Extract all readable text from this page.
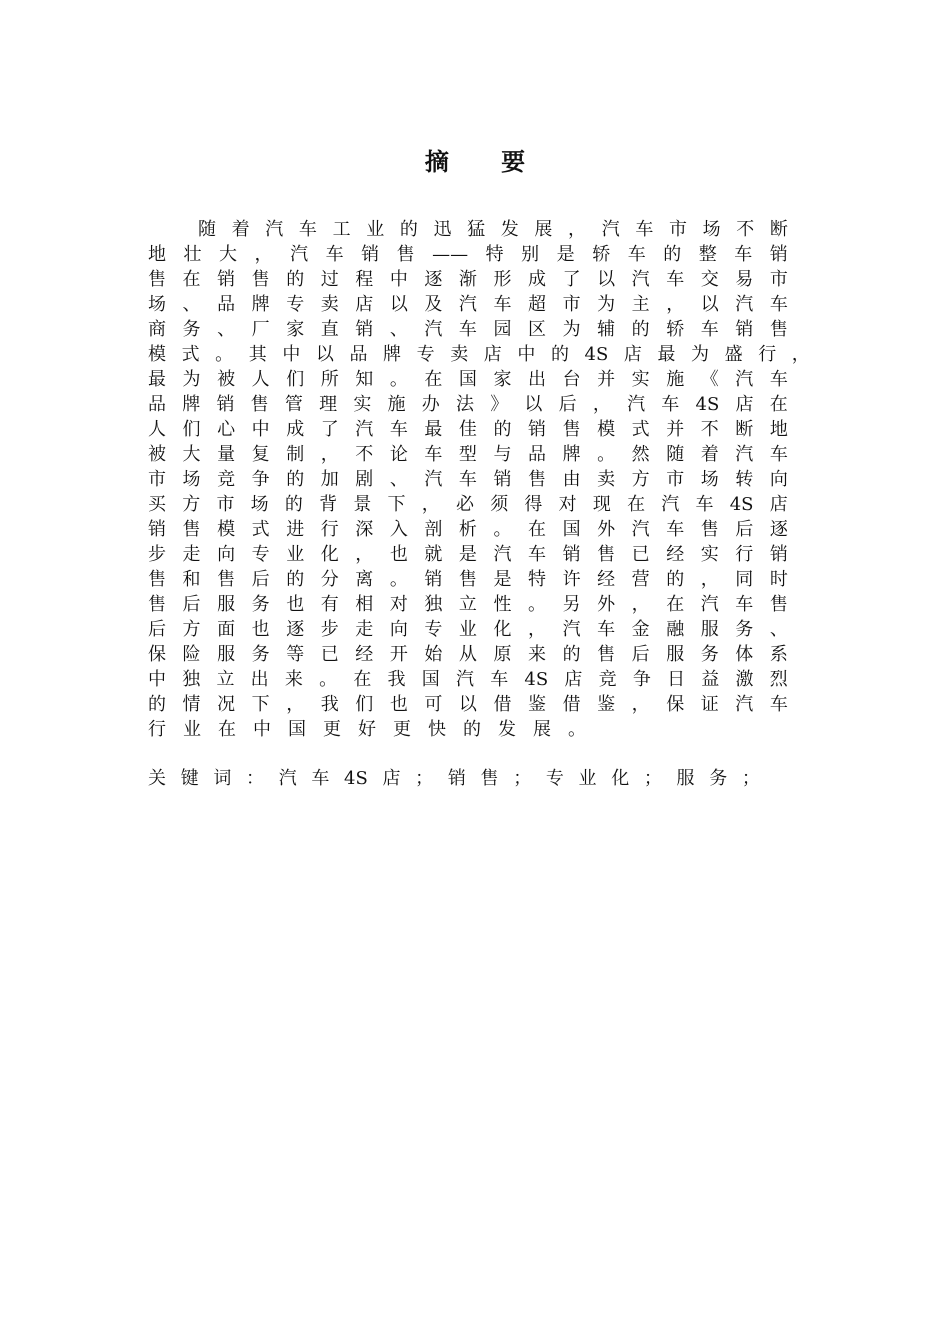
摘 要
随 着 汽 车 工 业 的 迅 猛 发 展 ， 汽 车 市 场 不 断
地 壮 大 ， 汽 车 销 售 —— 特 别 是 轿 车 的 整 车 销
售 在 销 售 的 过 程 中 逐 渐 形 成 了 以 汽 车 交 易 市
场 、 品 牌 专 卖 店 以 及 汽 车 超 市 为 主 ， 以 汽 车
商 务 、 厂 家 直 销 、 汽 车 园 区 为 辅 的 轿 车 销 售
模 式 。 其 中 以 品 牌 专 卖 店 中 的 4S 店 最 为 盛 行 ，
最 为 被 人 们 所 知 。 在 国 家 出 台 并 实 施 《 汽 车
品 牌 销 售 管 理 实 施 办 法 》 以 后 ， 汽 车 4S 店 在
人 们 心 中 成 了 汽 车 最 佳 的 销 售 模 式 并 不 断 地
被 大 量 复 制 ， 不 论 车 型 与 品 牌 。 然 随 着 汽 车
市 场 竞 争 的 加 剧 、 汽 车 销 售 由 卖 方 市 场 转 向
买 方 市 场 的 背 景 下 ， 必 须 得 对 现 在 汽 车 4S 店
销 售 模 式 进 行 深 入 剖 析 。 在 国 外 汽 车 售 后 逐
步 走 向 专 业 化 ， 也 就 是 汽 车 销 售 已 经 实 行 销
售 和 售 后 的 分 离 。 销 售 是 特 许 经 营 的 ， 同 时
售 后 服 务 也 有 相 对 独 立 性 。 另 外 ， 在 汽 车 售
后 方 面 也 逐 步 走 向 专 业 化 ， 汽 车 金 融 服 务 、
保 险 服 务 等 已 经 开 始 从 原 来 的 售 后 服 务 体 系
中 独 立 出 来 。 在 我 国 汽 车 4S 店 竞 争 日 益 激 烈
的 情 况 下 ， 我 们 也 可 以 借 鉴 借 鉴 ， 保 证 汽 车
行 业 在 中 国 更 好 更 快 的 发 展 。
关 键 词 ： 汽 车 4S 店 ； 销 售 ； 专 业 化 ； 服 务 ；
